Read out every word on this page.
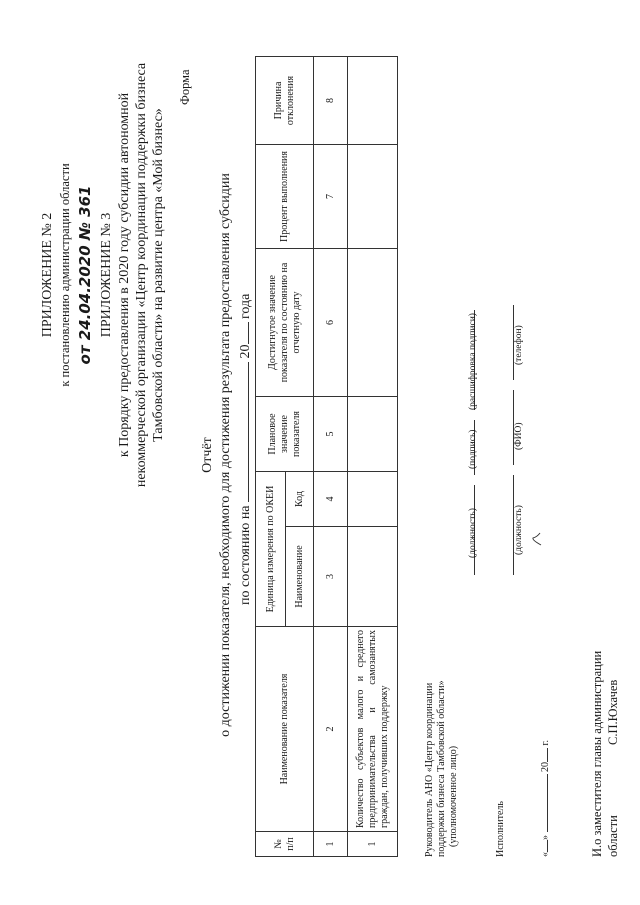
ПРИЛОЖЕНИЕ № 2 к постановлению администрации области от 24.04.2020 № 361 ПРИЛОЖЕНИЕ № 3 к Порядку предоставления в 2020 году субсидии автономной некоммерческой организации «Центр координации поддержки бизнеса Тамбовской области» на развитие центра «Мой бизнес»
Форма
Отчёт о достижении показателя, необходимого для достижения результата предоставления субсидии по состоянию на  20 года
№ п/п	Наименование показателя	Единица измерения по ОКЕИ		Плановое значение показателя	Достигнутое значение показателя по состоянию на отчетную дату	Процент выполнения	Причина отклонения
		Наименование	Код				
1	2	3	4	5	6	7	8
1	Количество субъектов малого и среднего предпринимательства и самозанятых граждан, получивших поддержку							Руководитель АНО «Центр координации поддержки бизнеса Тамбовской области» (уполномоченное лицо)
(должность)
(подпись)
(расшифровка подписи)
Исполнитель
(должность)
(ФИО)
(телефон)
«»  20 г.	И.о заместителя главы администрации области
С.П.Юхачев
